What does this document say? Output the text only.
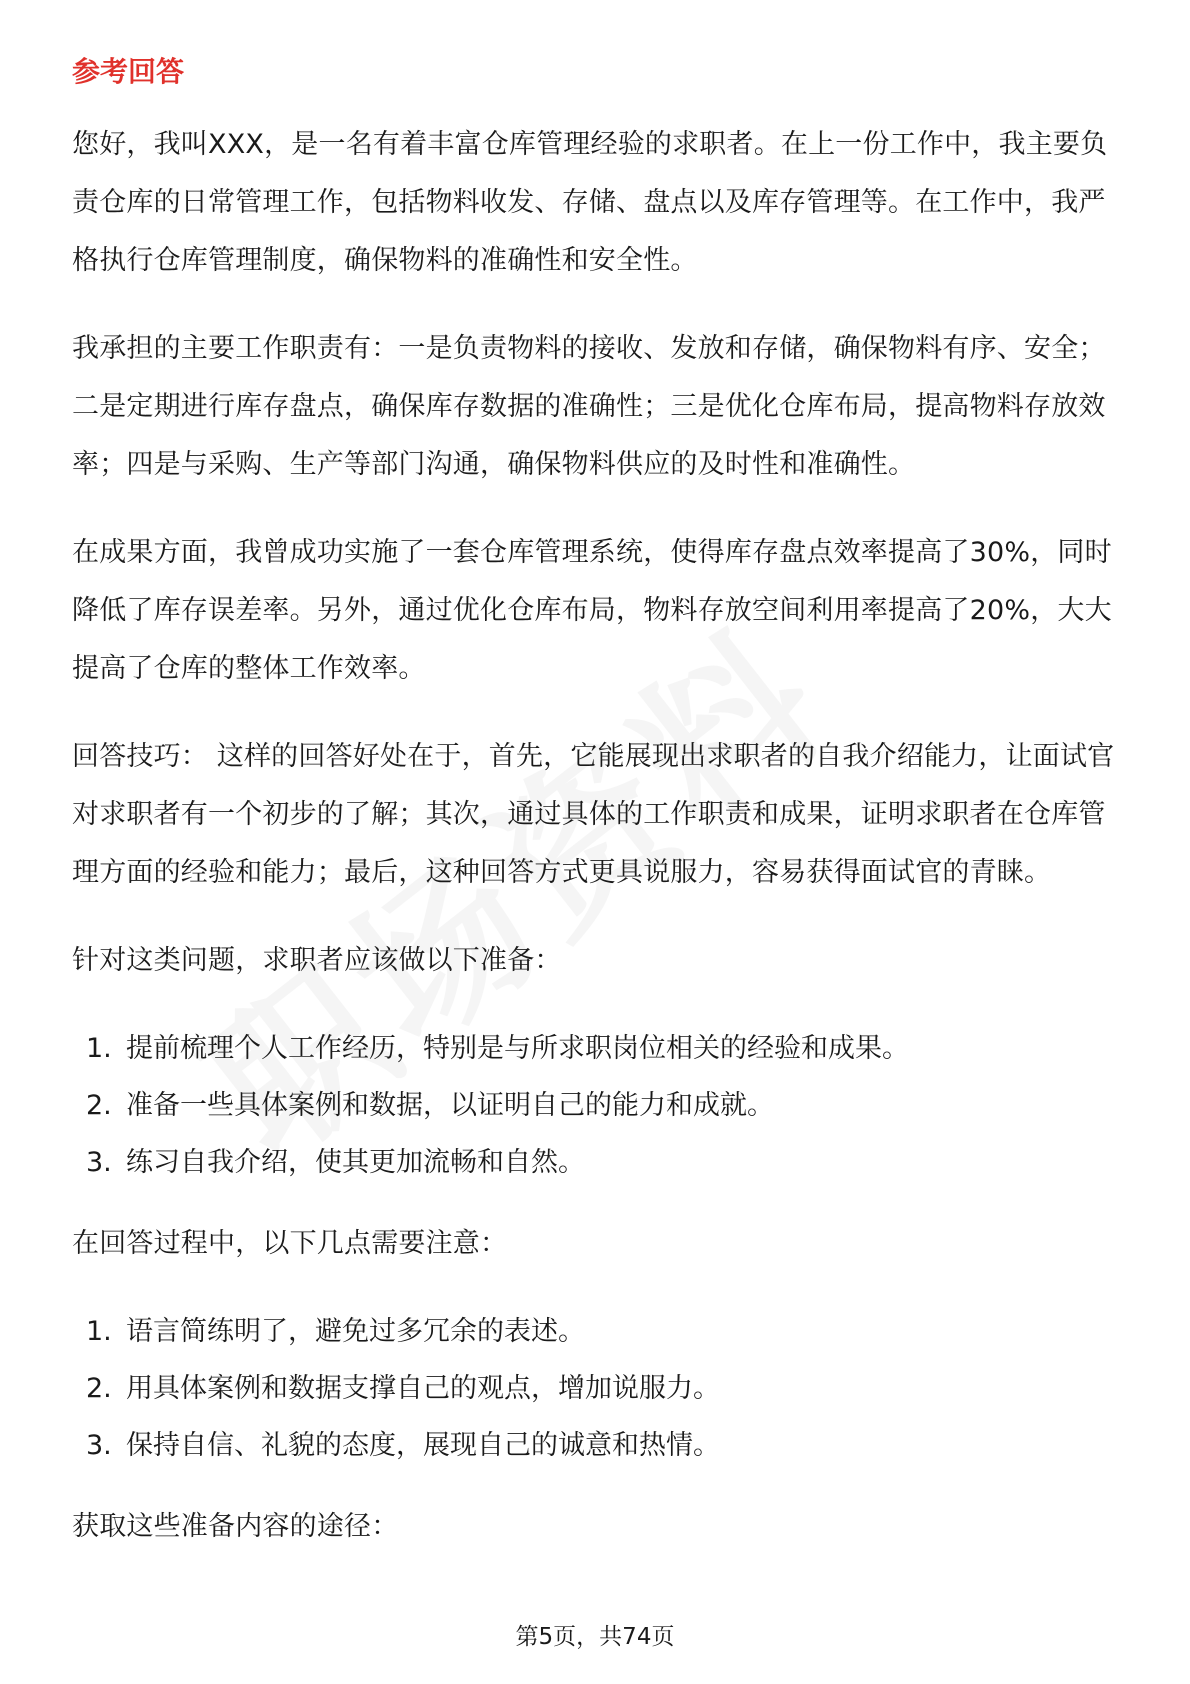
参考回答

您好，我叫XXX，是一名有着丰富仓库管理经验的求职者。在上一份工作中，我主要负责仓库的日常管理工作，包括物料收发、存储、盘点以及库存管理等。在工作中，我严格执行仓库管理制度，确保物料的准确性和安全性。

我承担的主要工作职责有：一是负责物料的接收、发放和存储，确保物料有序、安全；二是定期进行库存盘点，确保库存数据的准确性；三是优化仓库布局，提高物料存放效率；四是与采购、生产等部门沟通，确保物料供应的及时性和准确性。

在成果方面，我曾成功实施了一套仓库管理系统，使得库存盘点效率提高了30%，同时降低了库存误差率。另外，通过优化仓库布局，物料存放空间利用率提高了20%，大大提高了仓库的整体工作效率。

回答技巧： 这样的回答好处在于，首先，它能展现出求职者的自我介绍能力，让面试官对求职者有一个初步的了解；其次，通过具体的工作职责和成果，证明求职者在仓库管理方面的经验和能力；最后，这种回答方式更具说服力，容易获得面试官的青睐。

针对这类问题，求职者应该做以下准备：

1. 提前梳理个人工作经历，特别是与所求职岗位相关的经验和成果。
2. 准备一些具体案例和数据，以证明自己的能力和成就。
3. 练习自我介绍，使其更加流畅和自然。

在回答过程中，以下几点需要注意：

1. 语言简练明了，避免过多冗余的表述。
2. 用具体案例和数据支撑自己的观点，增加说服力。
3. 保持自信、礼貌的态度，展现自己的诚意和热情。

获取这些准备内容的途径：

第5页，共74页
